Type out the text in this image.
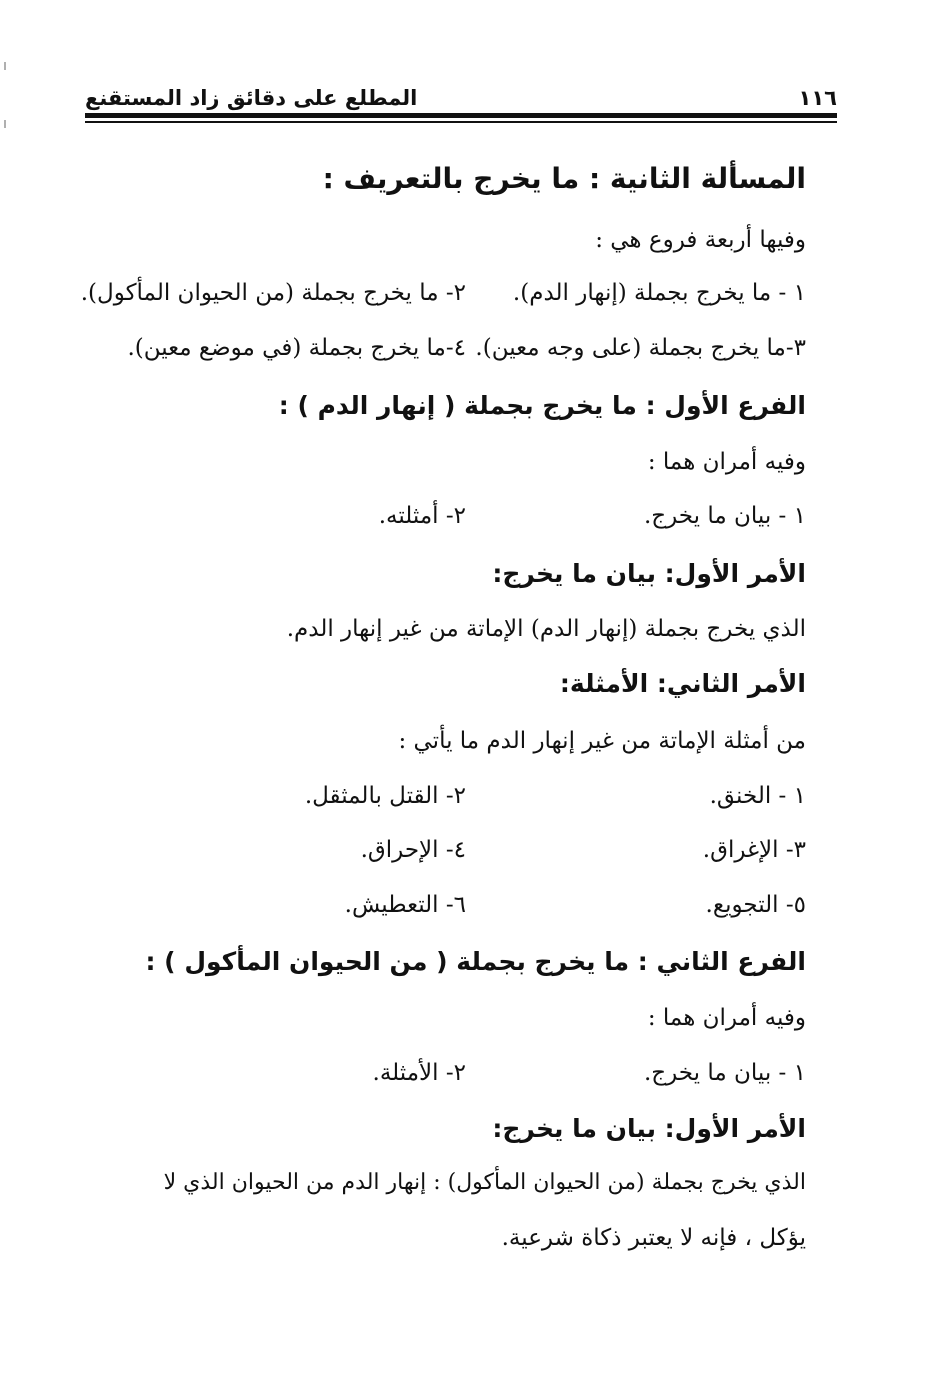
١١٦
المطلع على دقائق زاد المستقنع
المسألة الثانية : ما يخرج بالتعريف :
وفيها أربعة فروع هي :
١ - ما يخرج بجملة (إنهار الدم).
٢- ما يخرج بجملة (من الحيوان المأكول).
٣-ما يخرج بجملة (على وجه معين).
٤-ما يخرج بجملة (في موضع معين).
الفرع الأول : ما يخرج بجملة ( إنهار الدم ) :
وفيه أمران هما :
١ - بيان ما يخرج.
٢- أمثلته.
الأمر الأول: بيان ما يخرج:
الذي يخرج بجملة (إنهار الدم) الإماتة من غير إنهار الدم.
الأمر الثاني: الأمثلة:
من أمثلة الإماتة من غير إنهار الدم ما يأتي :
١ - الخنق.
٢- القتل بالمثقل.
٣- الإغراق.
٤- الإحراق.
٥- التجويع.
٦- التعطيش.
الفرع الثاني : ما يخرج بجملة ( من الحيوان المأكول ) :
وفيه أمران هما :
١ - بيان ما يخرج.
٢- الأمثلة.
الأمر الأول: بيان ما يخرج:
الذي يخرج بجملة (من الحيوان المأكول) : إنهار الدم من الحيوان الذي لا
يؤكل ، فإنه لا يعتبر ذكاة شرعية.
